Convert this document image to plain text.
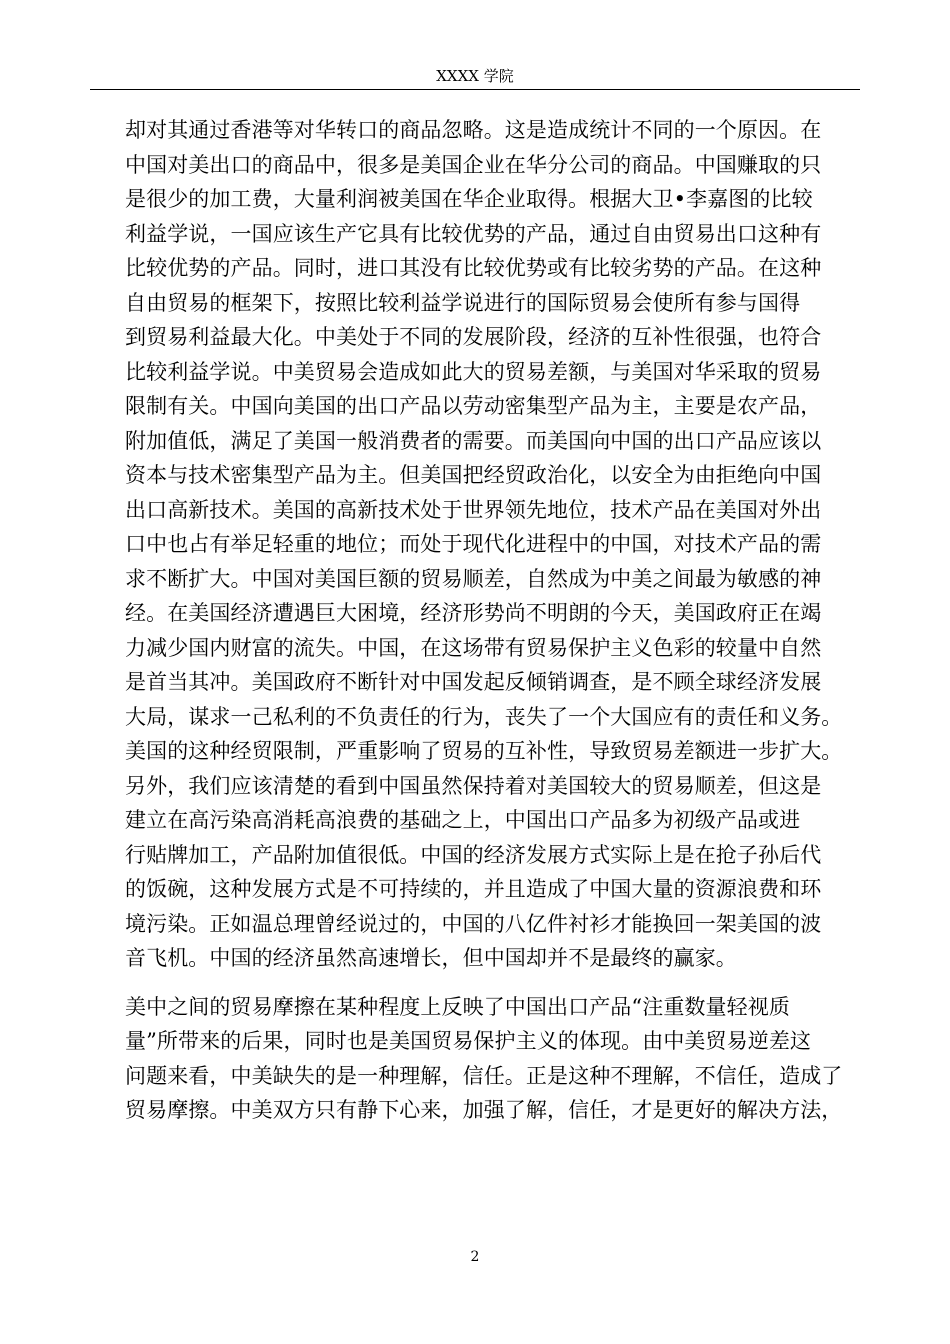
XXXX 学院
却对其通过香港等对华转口的商品忽略。这是造成统计不同的一个原因。在
中国对美出口的商品中，很多是美国企业在华分公司的商品。中国赚取的只
是很少的加工费，大量利润被美国在华企业取得。根据大卫•李嘉图的比较
利益学说，一国应该生产它具有比较优势的产品，通过自由贸易出口这种有
比较优势的产品。同时，进口其没有比较优势或有比较劣势的产品。在这种
自由贸易的框架下，按照比较利益学说进行的国际贸易会使所有参与国得
到贸易利益最大化。中美处于不同的发展阶段，经济的互补性很强，也符合
比较利益学说。中美贸易会造成如此大的贸易差额，与美国对华采取的贸易
限制有关。中国向美国的出口产品以劳动密集型产品为主，主要是农产品，
附加值低，满足了美国一般消费者的需要。而美国向中国的出口产品应该以
资本与技术密集型产品为主。但美国把经贸政治化，以安全为由拒绝向中国
出口高新技术。美国的高新技术处于世界领先地位，技术产品在美国对外出
口中也占有举足轻重的地位；而处于现代化进程中的中国，对技术产品的需
求不断扩大。中国对美国巨额的贸易顺差，自然成为中美之间最为敏感的神
经。在美国经济遭遇巨大困境，经济形势尚不明朗的今天，美国政府正在竭
力减少国内财富的流失。中国，在这场带有贸易保护主义色彩的较量中自然
是首当其冲。美国政府不断针对中国发起反倾销调查，是不顾全球经济发展
大局，谋求一己私利的不负责任的行为，丧失了一个大国应有的责任和义务。
美国的这种经贸限制，严重影响了贸易的互补性，导致贸易差额进一步扩大。
另外，我们应该清楚的看到中国虽然保持着对美国较大的贸易顺差，但这是
建立在高污染高消耗高浪费的基础之上，中国出口产品多为初级产品或进
行贴牌加工，产品附加值很低。中国的经济发展方式实际上是在抢子孙后代
的饭碗，这种发展方式是不可持续的，并且造成了中国大量的资源浪费和环
境污染。正如温总理曾经说过的，中国的八亿件衬衫才能换回一架美国的波
音飞机。中国的经济虽然高速增长，但中国却并不是最终的赢家。
美中之间的贸易摩擦在某种程度上反映了中国出口产品“注重数量轻视质
量”所带来的后果，同时也是美国贸易保护主义的体现。由中美贸易逆差这
问题来看，中美缺失的是一种理解，信任。正是这种不理解，不信任，造成了
贸易摩擦。中美双方只有静下心来，加强了解，信任，才是更好的解决方法，
2
